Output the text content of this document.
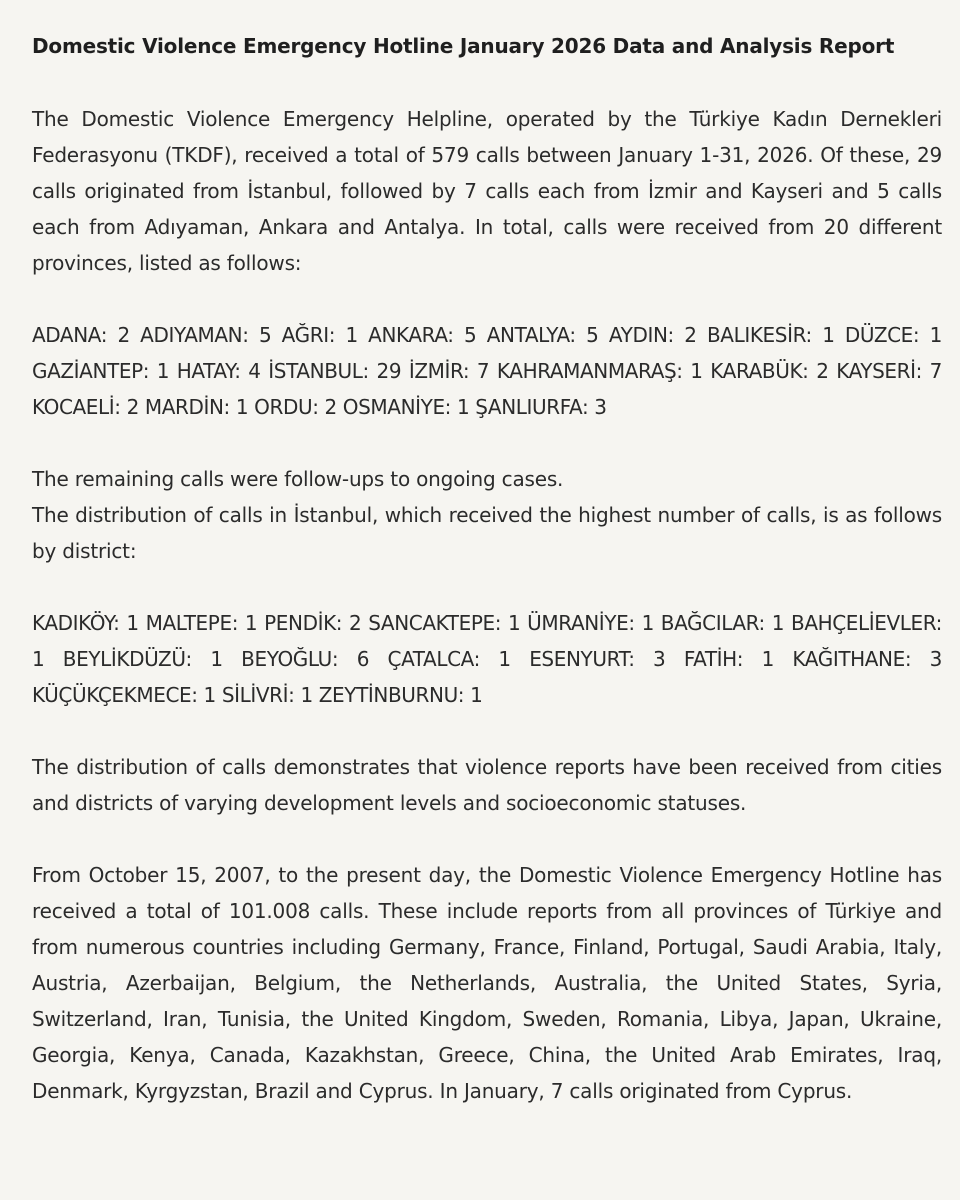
Domestic Violence Emergency Hotline January 2026 Data and Analysis Report

The Domestic Violence Emergency Helpline, operated by the Türkiye Kadın Dernekleri Federasyonu (TKDF), received a total of 579 calls between January 1-31, 2026. Of these, 29 calls originated from İstanbul, followed by 7 calls each from İzmir and Kayseri and 5 calls each from Adıyaman, Ankara and Antalya. In total, calls were received from 20 different provinces, listed as follows:

ADANA: 2 ADIYAMAN: 5 AĞRI: 1 ANKARA: 5 ANTALYA: 5 AYDIN: 2 BALIKESİR: 1 DÜZCE: 1 GAZİANTEP: 1 HATAY: 4 İSTANBUL: 29 İZMİR: 7 KAHRAMANMARAŞ: 1 KARABÜK: 2 KAYSERİ: 7 KOCAELİ: 2 MARDİN: 1 ORDU: 2 OSMANİYE: 1 ŞANLIURFA: 3

The remaining calls were follow-ups to ongoing cases.

The distribution of calls in İstanbul, which received the highest number of calls, is as follows by district:

KADIKÖY: 1 MALTEPE: 1 PENDİK: 2 SANCAKTEPE: 1 ÜMRANİYE: 1 BAĞCILAR: 1 BAHÇELİEVLER: 1 BEYLİKDÜZÜ: 1 BEYOĞLU: 6 ÇATALCA: 1 ESENYURT: 3 FATİH: 1 KAĞITHANE: 3 KÜÇÜKÇEKMECE: 1 SİLİVRİ: 1 ZEYTİNBURNU: 1

The distribution of calls demonstrates that violence reports have been received from cities and districts of varying development levels and socioeconomic statuses.

From October 15, 2007, to the present day, the Domestic Violence Emergency Hotline has received a total of 101.008 calls. These include reports from all provinces of Türkiye and from numerous countries including Germany, France, Finland, Portugal, Saudi Arabia, Italy, Austria, Azerbaijan, Belgium, the Netherlands, Australia, the United States, Syria, Switzerland, Iran, Tunisia, the United Kingdom, Sweden, Romania, Libya, Japan, Ukraine, Georgia, Kenya, Canada, Kazakhstan, Greece, China, the United Arab Emirates, Iraq, Denmark, Kyrgyzstan, Brazil and Cyprus. In January, 7 calls originated from Cyprus.
